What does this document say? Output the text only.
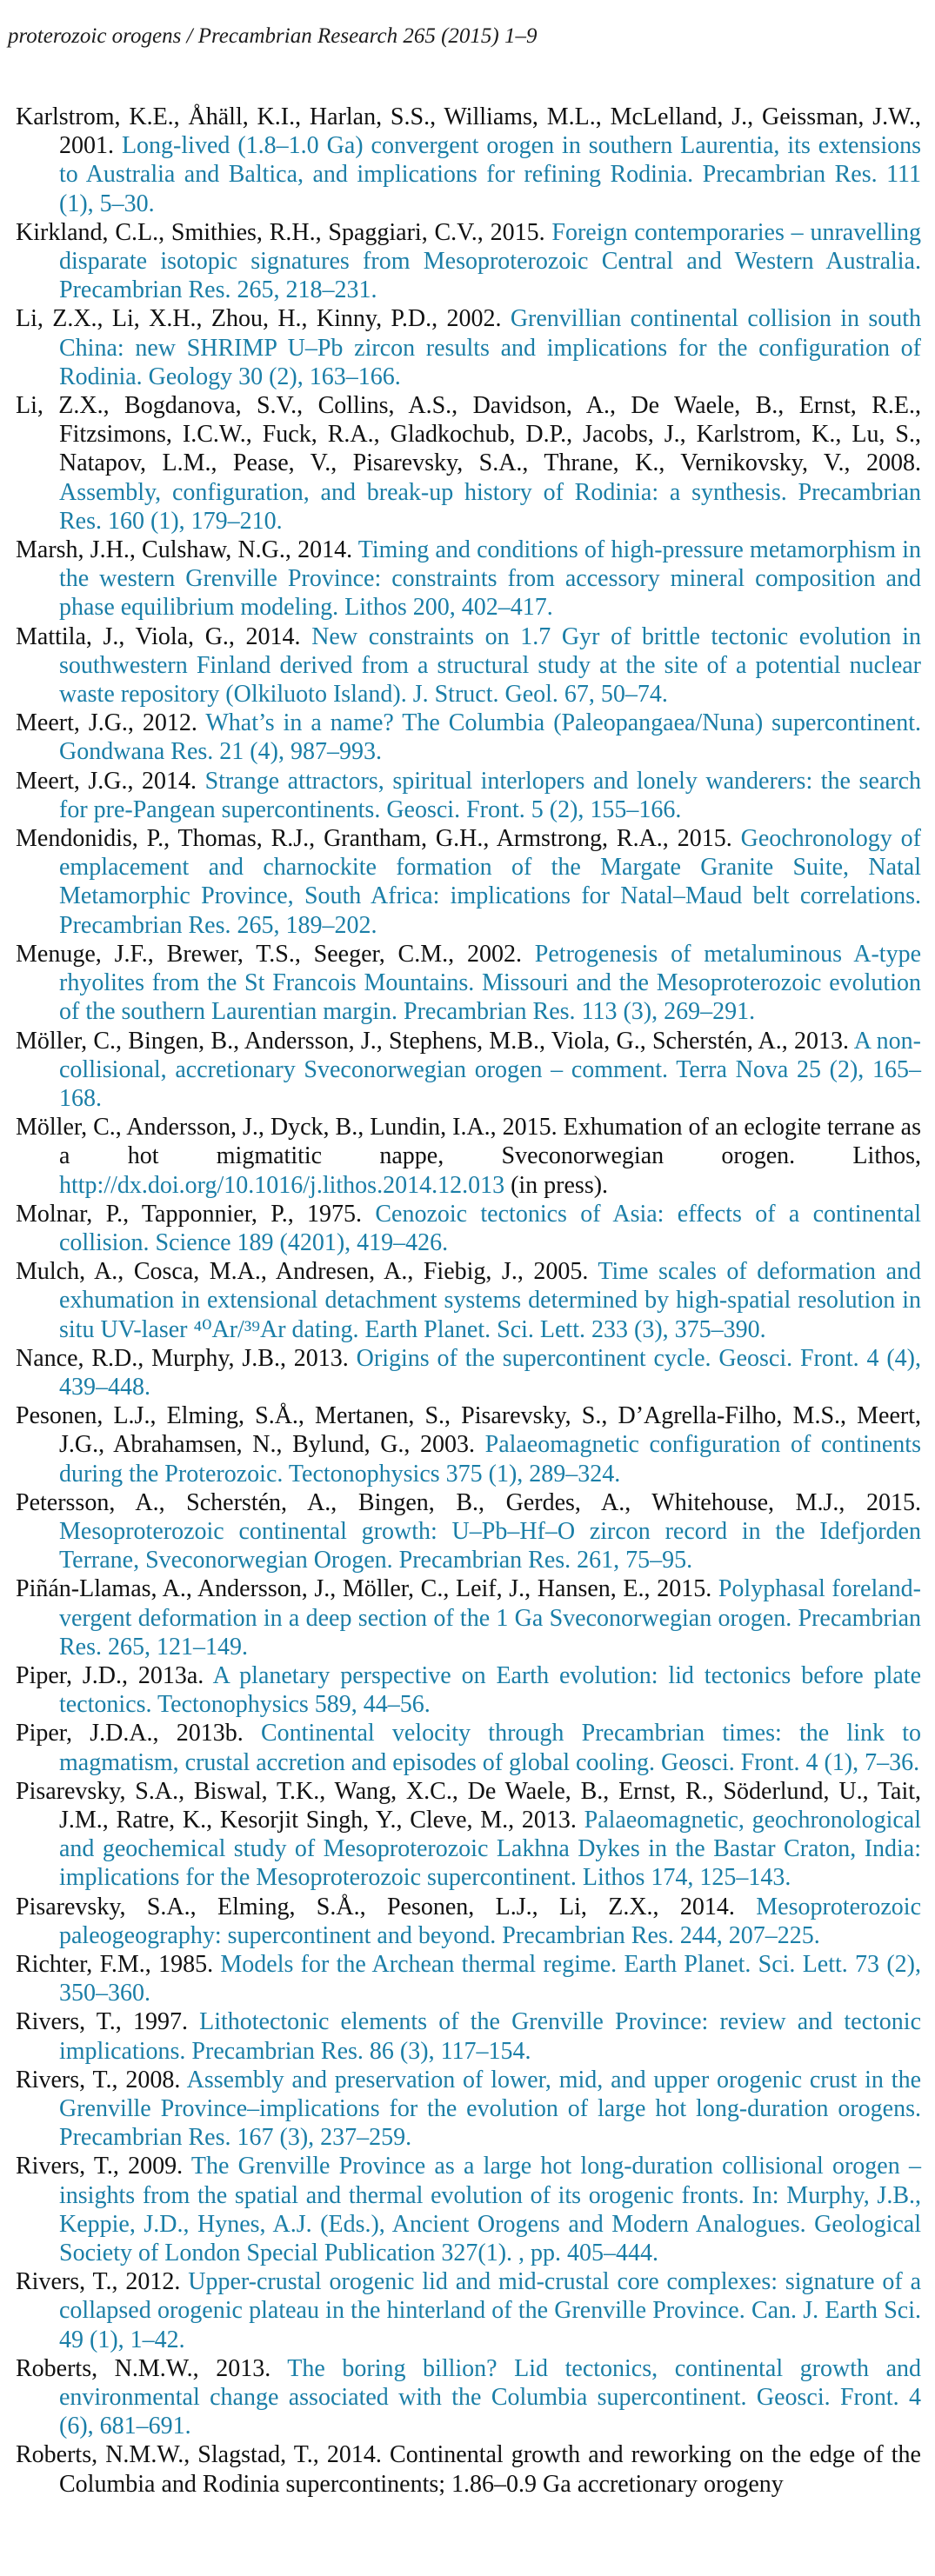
proterozoic orogens / Precambrian Research 265 (2015) 1–9

Karlstrom, K.E., Åhäll, K.I., Harlan, S.S., Williams, M.L., McLelland, J., Geissman, J.W., 2001. Long-lived (1.8–1.0 Ga) convergent orogen in southern Laurentia, its extensions to Australia and Baltica, and implications for refining Rodinia. Precambrian Res. 111 (1), 5–30.

Kirkland, C.L., Smithies, R.H., Spaggiari, C.V., 2015. Foreign contemporaries – unravelling disparate isotopic signatures from Mesoproterozoic Central and Western Australia. Precambrian Res. 265, 218–231.

Li, Z.X., Li, X.H., Zhou, H., Kinny, P.D., 2002. Grenvillian continental collision in south China: new SHRIMP U–Pb zircon results and implications for the configuration of Rodinia. Geology 30 (2), 163–166.

Li, Z.X., Bogdanova, S.V., Collins, A.S., Davidson, A., De Waele, B., Ernst, R.E., Fitzsimons, I.C.W., Fuck, R.A., Gladkochub, D.P., Jacobs, J., Karlstrom, K., Lu, S., Natapov, L.M., Pease, V., Pisarevsky, S.A., Thrane, K., Vernikovsky, V., 2008. Assembly, configuration, and break-up history of Rodinia: a synthesis. Precambrian Res. 160 (1), 179–210.

Marsh, J.H., Culshaw, N.G., 2014. Timing and conditions of high-pressure metamorphism in the western Grenville Province: constraints from accessory mineral composition and phase equilibrium modeling. Lithos 200, 402–417.

Mattila, J., Viola, G., 2014. New constraints on 1.7 Gyr of brittle tectonic evolution in southwestern Finland derived from a structural study at the site of a potential nuclear waste repository (Olkiluoto Island). J. Struct. Geol. 67, 50–74.

Meert, J.G., 2012. What’s in a name? The Columbia (Paleopangaea/Nuna) supercontinent. Gondwana Res. 21 (4), 987–993.

Meert, J.G., 2014. Strange attractors, spiritual interlopers and lonely wanderers: the search for pre-Pangean supercontinents. Geosci. Front. 5 (2), 155–166.

Mendonidis, P., Thomas, R.J., Grantham, G.H., Armstrong, R.A., 2015. Geochronology of emplacement and charnockite formation of the Margate Granite Suite, Natal Metamorphic Province, South Africa: implications for Natal–Maud belt correlations. Precambrian Res. 265, 189–202.

Menuge, J.F., Brewer, T.S., Seeger, C.M., 2002. Petrogenesis of metaluminous A-type rhyolites from the St Francois Mountains. Missouri and the Mesoproterozoic evolution of the southern Laurentian margin. Precambrian Res. 113 (3), 269–291.

Möller, C., Bingen, B., Andersson, J., Stephens, M.B., Viola, G., Scherstén, A., 2013. A non-collisional, accretionary Sveconorwegian orogen – comment. Terra Nova 25 (2), 165–168.

Möller, C., Andersson, J., Dyck, B., Lundin, I.A., 2015. Exhumation of an eclogite terrane as a hot migmatitic nappe, Sveconorwegian orogen. Lithos, http://dx.doi.org/10.1016/j.lithos.2014.12.013 (in press).

Molnar, P., Tapponnier, P., 1975. Cenozoic tectonics of Asia: effects of a continental collision. Science 189 (4201), 419–426.

Mulch, A., Cosca, M.A., Andresen, A., Fiebig, J., 2005. Time scales of deformation and exhumation in extensional detachment systems determined by high-spatial resolution in situ UV-laser ⁴⁰Ar/³⁹Ar dating. Earth Planet. Sci. Lett. 233 (3), 375–390.

Nance, R.D., Murphy, J.B., 2013. Origins of the supercontinent cycle. Geosci. Front. 4 (4), 439–448.

Pesonen, L.J., Elming, S.Å., Mertanen, S., Pisarevsky, S., D’Agrella-Filho, M.S., Meert, J.G., Abrahamsen, N., Bylund, G., 2003. Palaeomagnetic configuration of continents during the Proterozoic. Tectonophysics 375 (1), 289–324.

Petersson, A., Scherstén, A., Bingen, B., Gerdes, A., Whitehouse, M.J., 2015. Mesoproterozoic continental growth: U–Pb–Hf–O zircon record in the Idefjorden Terrane, Sveconorwegian Orogen. Precambrian Res. 261, 75–95.

Piñán-Llamas, A., Andersson, J., Möller, C., Leif, J., Hansen, E., 2015. Polyphasal foreland-vergent deformation in a deep section of the 1 Ga Sveconorwegian orogen. Precambrian Res. 265, 121–149.

Piper, J.D., 2013a. A planetary perspective on Earth evolution: lid tectonics before plate tectonics. Tectonophysics 589, 44–56.

Piper, J.D.A., 2013b. Continental velocity through Precambrian times: the link to magmatism, crustal accretion and episodes of global cooling. Geosci. Front. 4 (1), 7–36.

Pisarevsky, S.A., Biswal, T.K., Wang, X.C., De Waele, B., Ernst, R., Söderlund, U., Tait, J.M., Ratre, K., Kesorjit Singh, Y., Cleve, M., 2013. Palaeomagnetic, geochronological and geochemical study of Mesoproterozoic Lakhna Dykes in the Bastar Craton, India: implications for the Mesoproterozoic supercontinent. Lithos 174, 125–143.

Pisarevsky, S.A., Elming, S.Å., Pesonen, L.J., Li, Z.X., 2014. Mesoproterozoic paleogeography: supercontinent and beyond. Precambrian Res. 244, 207–225.

Richter, F.M., 1985. Models for the Archean thermal regime. Earth Planet. Sci. Lett. 73 (2), 350–360.

Rivers, T., 1997. Lithotectonic elements of the Grenville Province: review and tectonic implications. Precambrian Res. 86 (3), 117–154.

Rivers, T., 2008. Assembly and preservation of lower, mid, and upper orogenic crust in the Grenville Province–implications for the evolution of large hot long-duration orogens. Precambrian Res. 167 (3), 237–259.

Rivers, T., 2009. The Grenville Province as a large hot long-duration collisional orogen – insights from the spatial and thermal evolution of its orogenic fronts. In: Murphy, J.B., Keppie, J.D., Hynes, A.J. (Eds.), Ancient Orogens and Modern Analogues. Geological Society of London Special Publication 327(1). , pp. 405–444.

Rivers, T., 2012. Upper-crustal orogenic lid and mid-crustal core complexes: signature of a collapsed orogenic plateau in the hinterland of the Grenville Province. Can. J. Earth Sci. 49 (1), 1–42.

Roberts, N.M.W., 2013. The boring billion? Lid tectonics, continental growth and environmental change associated with the Columbia supercontinent. Geosci. Front. 4 (6), 681–691.

Roberts, N.M.W., Slagstad, T., 2014. Continental growth and reworking on the edge of the Columbia and Rodinia supercontinents; 1.86–0.9 Ga accretionary orogeny
